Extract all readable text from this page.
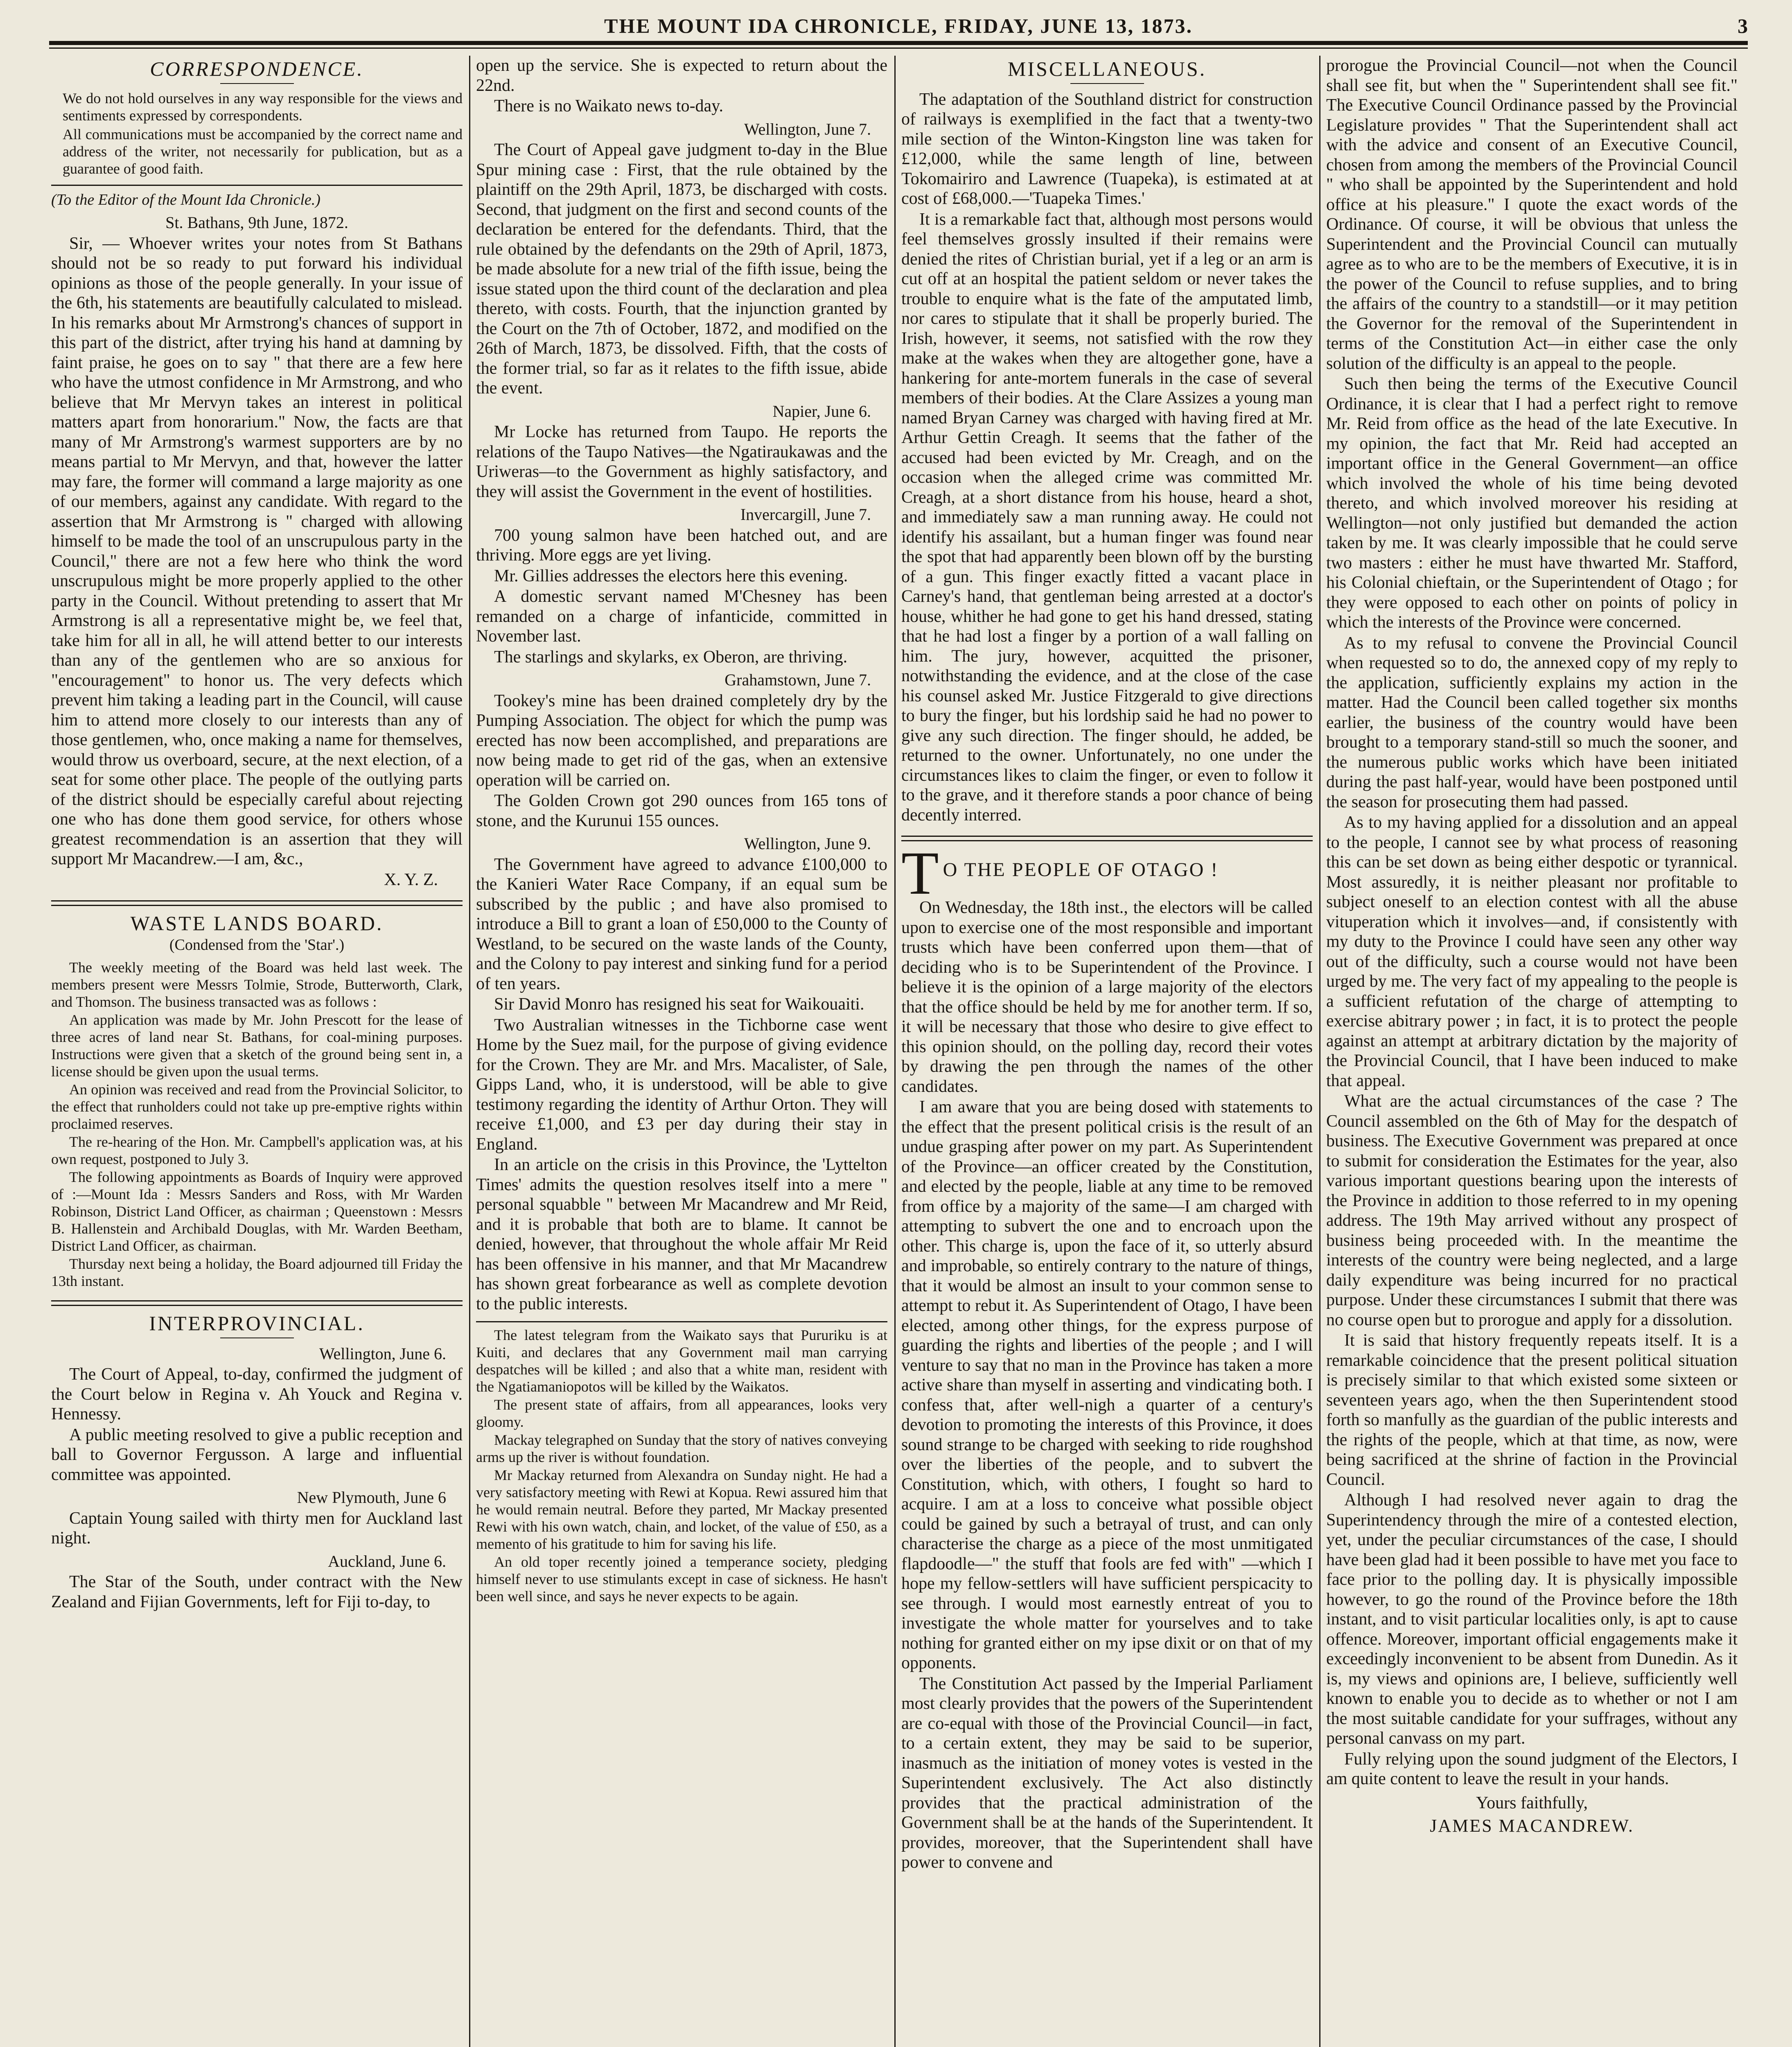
THE MOUNT IDA CHRONICLE, FRIDAY, JUNE 13, 1873.	3
CORRESPONDENCE.

We do not hold ourselves in any way responsible for the views and sentiments expressed by correspondents.

All communications must be accompanied by the correct name and address of the writer, not necessarily for publication, but as a guarantee of good faith.

(To the Editor of the Mount Ida Chronicle.)
St. Bathans, 9th June, 1872.

Sir, — Whoever writes your notes from St Bathans should not be so ready to put forward his individual opinions as those of the people generally. In your issue of the 6th, his statements are beautifully calculated to mislead. In his remarks about Mr Armstrong's chances of support in this part of the district, after trying his hand at damning by faint praise, he goes on to say " that there are a few here who have the utmost confidence in Mr Armstrong, and who believe that Mr Mervyn takes an interest in political matters apart from honorarium." Now, the facts are that many of Mr Armstrong's warmest supporters are by no means partial to Mr Mervyn, and that, however the latter may fare, the former will command a large majority as one of our members, against any candidate. With regard to the assertion that Mr Armstrong is " charged with allowing himself to be made the tool of an unscrupulous party in the Council," there are not a few here who think the word unscrupulous might be more properly applied to the other party in the Council. Without pretending to assert that Mr Armstrong is all a representative might be, we feel that, take him for all in all, he will attend better to our interests than any of the gentlemen who are so anxious for "encouragement" to honor us. The very defects which prevent him taking a leading part in the Council, will cause him to attend more closely to our interests than any of those gentlemen, who, once making a name for themselves, would throw us overboard, secure, at the next election, of a seat for some other place. The people of the outlying parts of the district should be especially careful about rejecting one who has done them good service, for others whose greatest recommendation is an assertion that they will support Mr Macandrew.—I am, &c.,

X. Y. Z.
WASTE LANDS BOARD.
(Condensed from the 'Star'.)

The weekly meeting of the Board was held last week. The members present were Messrs Tolmie, Strode, Butterworth, Clark, and Thomson. The business transacted was as follows :

An application was made by Mr. John Prescott for the lease of three acres of land near St. Bathans, for coal-mining purposes. Instructions were given that a sketch of the ground being sent in, a license should be given upon the usual terms.

An opinion was received and read from the Provincial Solicitor, to the effect that runholders could not take up pre-emptive rights within proclaimed reserves.

The re-hearing of the Hon. Mr. Campbell's application was, at his own request, postponed to July 3.

The following appointments as Boards of Inquiry were approved of :—Mount Ida : Messrs Sanders and Ross, with Mr Warden Robinson, District Land Officer, as chairman ; Queenstown : Messrs B. Hallenstein and Archibald Douglas, with Mr. Warden Beetham, District Land Officer, as chairman.

Thursday next being a holiday, the Board adjourned till Friday the 13th instant.

INTERPROVINCIAL.
Wellington, June 6.

The Court of Appeal, to-day, confirmed the judgment of the Court below in Regina v. Ah Youck and Regina v. Hennessy.

A public meeting resolved to give a public reception and ball to Governor Fergusson. A large and influential committee was appointed.

New Plymouth, June 6

Captain Young sailed with thirty men for Auckland last night.

Auckland, June 6.

The Star of the South, under contract with the New Zealand and Fijian Governments, left for Fiji to-day, to

open up the service. She is expected to return about the 22nd.

There is no Waikato news to-day.

Wellington, June 7.

The Court of Appeal gave judgment to-day in the Blue Spur mining case : First, that the rule obtained by the plaintiff on the 29th April, 1873, be discharged with costs. Second, that judgment on the first and second counts of the declaration be entered for the defendants. Third, that the rule obtained by the defendants on the 29th of April, 1873, be made absolute for a new trial of the fifth issue, being the issue stated upon the third count of the declaration and plea thereto, with costs. Fourth, that the injunction granted by the Court on the 7th of October, 1872, and modified on the 26th of March, 1873, be dissolved. Fifth, that the costs of the former trial, so far as it relates to the fifth issue, abide the event.

Napier, June 6.

Mr Locke has returned from Taupo. He reports the relations of the Taupo Natives—the Ngatiraukawas and the Uriweras—to the Government as highly satisfactory, and they will assist the Government in the event of hostilities.

Invercargill, June 7.

700 young salmon have been hatched out, and are thriving. More eggs are yet living.

Mr. Gillies addresses the electors here this evening.

A domestic servant named M'Chesney has been remanded on a charge of infanticide, committed in November last.

The starlings and skylarks, ex Oberon, are thriving.

Grahamstown, June 7.

Tookey's mine has been drained completely dry by the Pumping Association. The object for which the pump was erected has now been accomplished, and preparations are now being made to get rid of the gas, when an extensive operation will be carried on.

The Golden Crown got 290 ounces from 165 tons of stone, and the Kurunui 155 ounces.

Wellington, June 9.

The Government have agreed to advance £100,000 to the Kanieri Water Race Company, if an equal sum be subscribed by the public ; and have also promised to introduce a Bill to grant a loan of £50,000 to the County of Westland, to be secured on the waste lands of the County, and the Colony to pay interest and sinking fund for a period of ten years.

Sir David Monro has resigned his seat for Waikouaiti.

Two Australian witnesses in the Tichborne case went Home by the Suez mail, for the purpose of giving evidence for the Crown. They are Mr. and Mrs. Macalister, of Sale, Gipps Land, who, it is understood, will be able to give testimony regarding the identity of Arthur Orton. They will receive £1,000, and £3 per day during their stay in England.

In an article on the crisis in this Province, the 'Lyttelton Times' admits the question resolves itself into a mere " personal squabble " between Mr Macandrew and Mr Reid, and it is probable that both are to blame. It cannot be denied, however, that throughout the whole affair Mr Reid has been offensive in his manner, and that Mr Macandrew has shown great forbearance as well as complete devotion to the public interests.

The latest telegram from the Waikato says that Pururiku is at Kuiti, and declares that any Government mail man carrying despatches will be killed ; and also that a white man, resident with the Ngatiamaniopotos will be killed by the Waikatos.

The present state of affairs, from all appearances, looks very gloomy.

Mackay telegraphed on Sunday that the story of natives conveying arms up the river is without foundation.

Mr Mackay returned from Alexandra on Sunday night. He had a very satisfactory meeting with Rewi at Kopua. Rewi assured him that he would remain neutral. Before they parted, Mr Mackay presented Rewi with his own watch, chain, and locket, of the value of £50, as a memento of his gratitude to him for saving his life.

An old toper recently joined a temperance society, pledging himself never to use stimulants except in case of sickness. He hasn't been well since, and says he never expects to be again.

MISCELLANEOUS.

The adaptation of the Southland district for construction of railways is exemplified in the fact that a twenty-two mile section of the Winton-Kingston line was taken for £12,000, while the same length of line, between Tokomairiro and Lawrence (Tuapeka), is estimated at at cost of £68,000.—'Tuapeka Times.'

It is a remarkable fact that, although most persons would feel themselves grossly insulted if their remains were denied the rites of Christian burial, yet if a leg or an arm is cut off at an hospital the patient seldom or never takes the trouble to enquire what is the fate of the amputated limb, nor cares to stipulate that it shall be properly buried. The Irish, however, it seems, not satisfied with the row they make at the wakes when they are altogether gone, have a hankering for ante-mortem funerals in the case of several members of their bodies. At the Clare Assizes a young man named Bryan Carney was charged with having fired at Mr. Arthur Gettin Creagh. It seems that the father of the accused had been evicted by Mr. Creagh, and on the occasion when the alleged crime was committed Mr. Creagh, at a short distance from his house, heard a shot, and immediately saw a man running away. He could not identify his assailant, but a human finger was found near the spot that had apparently been blown off by the bursting of a gun. This finger exactly fitted a vacant place in Carney's hand, that gentleman being arrested at a doctor's house, whither he had gone to get his hand dressed, stating that he had lost a finger by a portion of a wall falling on him. The jury, however, acquitted the prisoner, notwithstanding the evidence, and at the close of the case his counsel asked Mr. Justice Fitzgerald to give directions to bury the finger, but his lordship said he had no power to give any such direction. The finger should, he added, be returned to the owner. Unfortunately, no one under the circumstances likes to claim the finger, or even to follow it to the grave, and it therefore stands a poor chance of being decently interred.

T O THE PEOPLE OF OTAGO !

On Wednesday, the 18th inst., the electors will be called upon to exercise one of the most responsible and important trusts which have been conferred upon them—that of deciding who is to be Superintendent of the Province. I believe it is the opinion of a large majority of the electors that the office should be held by me for another term. If so, it will be necessary that those who desire to give effect to this opinion should, on the polling day, record their votes by drawing the pen through the names of the other candidates.

I am aware that you are being dosed with statements to the effect that the present political crisis is the result of an undue grasping after power on my part. As Superintendent of the Province—an officer created by the Constitution, and elected by the people, liable at any time to be removed from office by a majority of the same—I am charged with attempting to subvert the one and to encroach upon the other. This charge is, upon the face of it, so utterly absurd and improbable, so entirely contrary to the nature of things, that it would be almost an insult to your common sense to attempt to rebut it. As Superintendent of Otago, I have been elected, among other things, for the express purpose of guarding the rights and liberties of the people ; and I will venture to say that no man in the Province has taken a more active share than myself in asserting and vindicating both. I confess that, after well-nigh a quarter of a century's devotion to promoting the interests of this Province, it does sound strange to be charged with seeking to ride roughshod over the liberties of the people, and to subvert the Constitution, which, with others, I fought so hard to acquire. I am at a loss to conceive what possible object could be gained by such a betrayal of trust, and can only characterise the charge as a piece of the most unmitigated flapdoodle—" the stuff that fools are fed with" —which I hope my fellow-settlers will have sufficient perspicacity to see through. I would most earnestly entreat of you to investigate the whole matter for yourselves and to take nothing for granted either on my ipse dixit or on that of my opponents.

The Constitution Act passed by the Imperial Parliament most clearly provides that the powers of the Superintendent are co-equal with those of the Provincial Council—in fact, to a certain extent, they may be said to be superior, inasmuch as the initiation of money votes is vested in the Superintendent exclusively. The Act also distinctly provides that the practical administration of the Government shall be at the hands of the Superintendent. It provides, moreover, that the Superintendent shall have power to convene and

prorogue the Provincial Council—not when the Council shall see fit, but when the " Superintendent shall see fit." The Executive Council Ordinance passed by the Provincial Legislature provides " That the Superintendent shall act with the advice and consent of an Executive Council, chosen from among the members of the Provincial Council " who shall be appointed by the Superintendent and hold office at his pleasure." I quote the exact words of the Ordinance. Of course, it will be obvious that unless the Superintendent and the Provincial Council can mutually agree as to who are to be the members of Executive, it is in the power of the Council to refuse supplies, and to bring the affairs of the country to a standstill—or it may petition the Governor for the removal of the Superintendent in terms of the Constitution Act—in either case the only solution of the difficulty is an appeal to the people.

Such then being the terms of the Executive Council Ordinance, it is clear that I had a perfect right to remove Mr. Reid from office as the head of the late Executive. In my opinion, the fact that Mr. Reid had accepted an important office in the General Government—an office which involved the whole of his time being devoted thereto, and which involved moreover his residing at Wellington—not only justified but demanded the action taken by me. It was clearly impossible that he could serve two masters : either he must have thwarted Mr. Stafford, his Colonial chieftain, or the Superintendent of Otago ; for they were opposed to each other on points of policy in which the interests of the Province were concerned.

As to my refusal to convene the Provincial Council when requested so to do, the annexed copy of my reply to the application, sufficiently explains my action in the matter. Had the Council been called together six months earlier, the business of the country would have been brought to a temporary stand-still so much the sooner, and the numerous public works which have been initiated during the past half-year, would have been postponed until the season for prosecuting them had passed.

As to my having applied for a dissolution and an appeal to the people, I cannot see by what process of reasoning this can be set down as being either despotic or tyrannical. Most assuredly, it is neither pleasant nor profitable to subject oneself to an election contest with all the abuse vituperation which it involves—and, if consistently with my duty to the Province I could have seen any other way out of the difficulty, such a course would not have been urged by me. The very fact of my appealing to the people is a sufficient refutation of the charge of attempting to exercise abitrary power ; in fact, it is to protect the people against an attempt at arbitrary dictation by the majority of the Provincial Council, that I have been induced to make that appeal.

What are the actual circumstances of the case ? The Council assembled on the 6th of May for the despatch of business. The Executive Government was prepared at once to submit for consideration the Estimates for the year, also various important questions bearing upon the interests of the Province in addition to those referred to in my opening address. The 19th May arrived without any prospect of business being proceeded with. In the meantime the interests of the country were being neglected, and a large daily expenditure was being incurred for no practical purpose. Under these circumstances I submit that there was no course open but to prorogue and apply for a dissolution.

It is said that history frequently repeats itself. It is a remarkable coincidence that the present political situation is precisely similar to that which existed some sixteen or seventeen years ago, when the then Superintendent stood forth so manfully as the guardian of the public interests and the rights of the people, which at that time, as now, were being sacrificed at the shrine of faction in the Provincial Council.

Although I had resolved never again to drag the Superintendency through the mire of a contested election, yet, under the peculiar circumstances of the case, I should have been glad had it been possible to have met you face to face prior to the polling day. It is physically impossible however, to go the round of the Province before the 18th instant, and to visit particular localities only, is apt to cause offence. Moreover, important official engagements make it exceedingly inconvenient to be absent from Dunedin. As it is, my views and opinions are, I believe, sufficiently well known to enable you to decide as to whether or not I am the most suitable candidate for your suffrages, without any personal canvass on my part.

Fully relying upon the sound judgment of the Electors, I am quite content to leave the result in your hands.

Yours faithfully,
JAMES MACANDREW.
